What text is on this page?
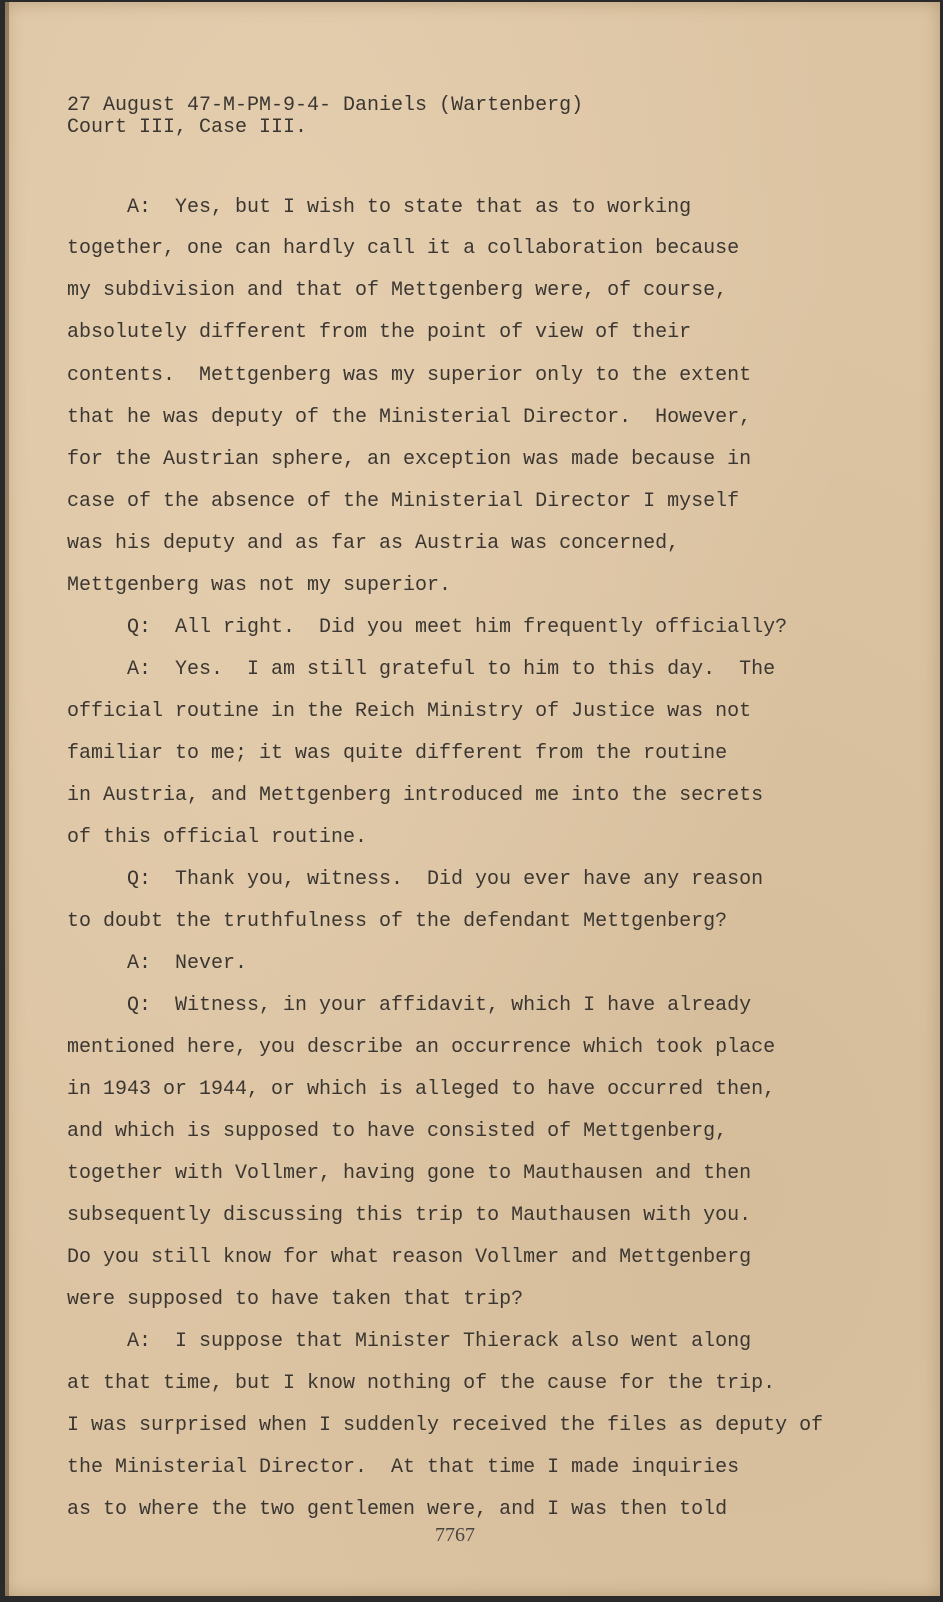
27 August 47-M-PM-9-4- Daniels (Wartenberg)
Court III, Case III.
A:  Yes, but I wish to state that as to working
together, one can hardly call it a collaboration because
my subdivision and that of Mettgenberg were, of course,
absolutely different from the point of view of their
contents.  Mettgenberg was my superior only to the extent
that he was deputy of the Ministerial Director.  However,
for the Austrian sphere, an exception was made because in
case of the absence of the Ministerial Director I myself
was his deputy and as far as Austria was concerned,
Mettgenberg was not my superior.
Q:  All right.  Did you meet him frequently officially?
A:  Yes.  I am still grateful to him to this day.  The
official routine in the Reich Ministry of Justice was not
familiar to me; it was quite different from the routine
in Austria, and Mettgenberg introduced me into the secrets
of this official routine.
Q:  Thank you, witness.  Did you ever have any reason
to doubt the truthfulness of the defendant Mettgenberg?
A:  Never.
Q:  Witness, in your affidavit, which I have already
mentioned here, you describe an occurrence which took place
in 1943 or 1944, or which is alleged to have occurred then,
and which is supposed to have consisted of Mettgenberg,
together with Vollmer, having gone to Mauthausen and then
subsequently discussing this trip to Mauthausen with you.
Do you still know for what reason Vollmer and Mettgenberg
were supposed to have taken that trip?
A:  I suppose that Minister Thierack also went along
at that time, but I know nothing of the cause for the trip.
I was surprised when I suddenly received the files as deputy of
the Ministerial Director.  At that time I made inquiries
as to where the two gentlemen were, and I was then told
7767
